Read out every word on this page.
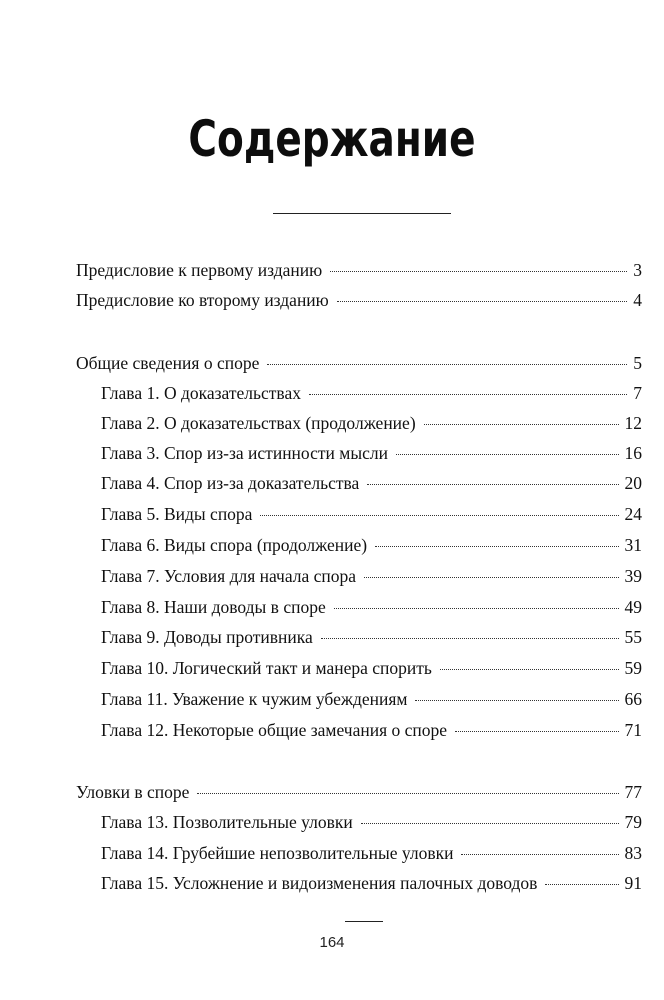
Содержание
Предисловие к первому изданию	3
Предисловие ко второму изданию	4
Общие сведения о споре	5
Глава 1. О доказательствах	7
Глава 2. О доказательствах (продолжение)	12
Глава 3. Спор из-за истинности мысли	16
Глава 4. Спор из-за доказательства	20
Глава 5. Виды спора	24
Глава 6. Виды спора (продолжение)	31
Глава 7. Условия для начала спора	39
Глава 8. Наши доводы в споре	49
Глава 9. Доводы противника	55
Глава 10. Логический такт и манера спорить	59
Глава 11. Уважение к чужим убеждениям	66
Глава 12. Некоторые общие замечания о споре	71
Уловки в споре	77
Глава 13. Позволительные уловки	79
Глава 14. Грубейшие непозволительные уловки	83
Глава 15. Усложнение и видоизменения палочных доводов	91
164
